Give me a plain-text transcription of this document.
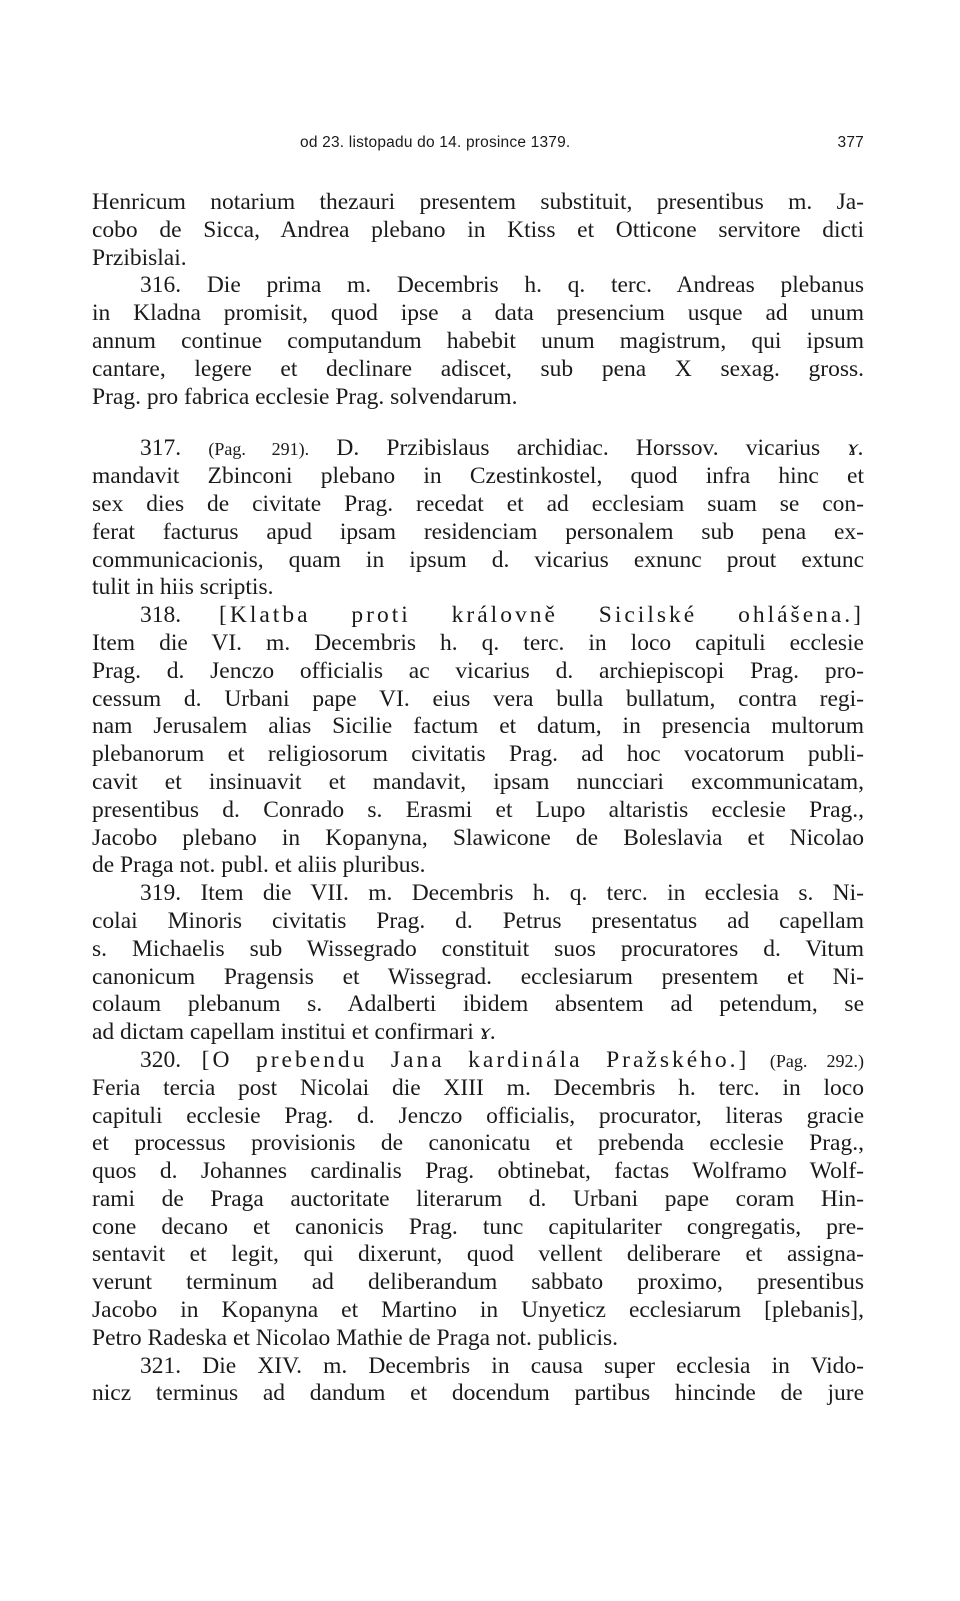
od 23. listopadu do 14. prosince 1379.	377
Henricum notarium thezauri presentem substituit, presentibus m. Ja-
cobo de Sicca, Andrea plebano in Ktiss et Otticone servitore dicti
Przibislai.
316. Die prima m. Decembris h. q. terc. Andreas plebanus
in Kladna promisit, quod ipse a data presencium usque ad unum
annum continue computandum habebit unum magistrum, qui ipsum
cantare, legere et declinare adiscet, sub pena X sexag. gross.
Prag. pro fabrica ecclesie Prag. solvendarum.
317. (Pag. 291). D. Przibislaus archidiac. Horssov. vicarius ɤ.
mandavit Zbinconi plebano in Czestinkostel, quod infra hinc et
sex dies de civitate Prag. recedat et ad ecclesiam suam se con-
ferat facturus apud ipsam residenciam personalem sub pena ex-
communicacionis, quam in ipsum d. vicarius exnunc prout extunc
tulit in hiis scriptis.
318. [Klatba proti královně Sicilské ohlášena.]
Item die VI. m. Decembris h. q. terc. in loco capituli ecclesie
Prag. d. Jenczo officialis ac vicarius d. archiepiscopi Prag. pro-
cessum d. Urbani pape VI. eius vera bulla bullatum, contra regi-
nam Jerusalem alias Sicilie factum et datum, in presencia multorum
plebanorum et religiosorum civitatis Prag. ad hoc vocatorum publi-
cavit et insinuavit et mandavit, ipsam nuncciari excommunicatam,
presentibus d. Conrado s. Erasmi et Lupo altaristis ecclesie Prag.,
Jacobo plebano in Kopanyna, Slawicone de Boleslavia et Nicolao
de Praga not. publ. et aliis pluribus.
319. Item die VII. m. Decembris h. q. terc. in ecclesia s. Ni-
colai Minoris civitatis Prag. d. Petrus presentatus ad capellam
s. Michaelis sub Wissegrado constituit suos procuratores d. Vitum
canonicum Pragensis et Wissegrad. ecclesiarum presentem et Ni-
colaum plebanum s. Adalberti ibidem absentem ad petendum, se
ad dictam capellam institui et confirmari ɤ.
320. [O prebendu Jana kardinála Pražského.] (Pag. 292.)
Feria tercia post Nicolai die XIII m. Decembris h. terc. in loco
capituli ecclesie Prag. d. Jenczo officialis, procurator, literas gracie
et processus provisionis de canonicatu et prebenda ecclesie Prag.,
quos d. Johannes cardinalis Prag. obtinebat, factas Wolframo Wolf-
rami de Praga auctoritate literarum d. Urbani pape coram Hin-
cone decano et canonicis Prag. tunc capitulariter congregatis, pre-
sentavit et legit, qui dixerunt, quod vellent deliberare et assigna-
verunt terminum ad deliberandum sabbato proximo, presentibus
Jacobo in Kopanyna et Martino in Unyeticz ecclesiarum [plebanis],
Petro Radeska et Nicolao Mathie de Praga not. publicis.
321. Die XIV. m. Decembris in causa super ecclesia in Vido-
nicz terminus ad dandum et docendum partibus hincinde de jure
